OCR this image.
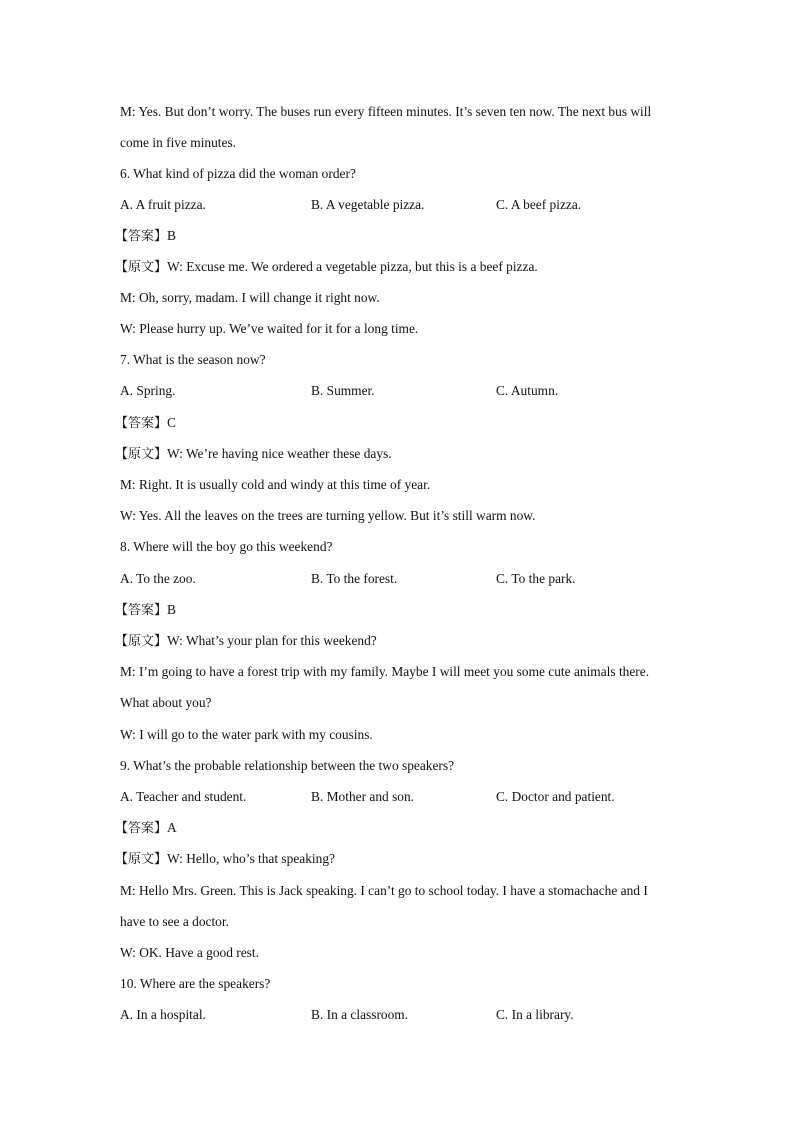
M: Yes. But don’t worry. The buses run every fifteen minutes. It’s seven ten now. The next bus will
come in five minutes.
6. What kind of pizza did the woman order?
A. A fruit pizza.	B. A vegetable pizza.	C. A beef pizza.
【答案】B
【原文】W: Excuse me. We ordered a vegetable pizza, but this is a beef pizza.
M: Oh, sorry, madam. I will change it right now.
W: Please hurry up. We’ve waited for it for a long time.
7. What is the season now?
A. Spring.	B. Summer.	C. Autumn.
【答案】C
【原文】W: We’re having nice weather these days.
M: Right. It is usually cold and windy at this time of year.
W: Yes. All the leaves on the trees are turning yellow. But it’s still warm now.
8. Where will the boy go this weekend?
A. To the zoo.	B. To the forest.	C. To the park.
【答案】B
【原文】W: What’s your plan for this weekend?
M: I’m going to have a forest trip with my family. Maybe I will meet you some cute animals there.
What about you?
W: I will go to the water park with my cousins.
9. What’s the probable relationship between the two speakers?
A. Teacher and student.	B. Mother and son.	C. Doctor and patient.
【答案】A
【原文】W: Hello, who’s that speaking?
M: Hello Mrs. Green. This is Jack speaking. I can’t go to school today. I have a stomachache and I
have to see a doctor.
W: OK. Have a good rest.
10. Where are the speakers?
A. In a hospital.	B. In a classroom.	C. In a library.
